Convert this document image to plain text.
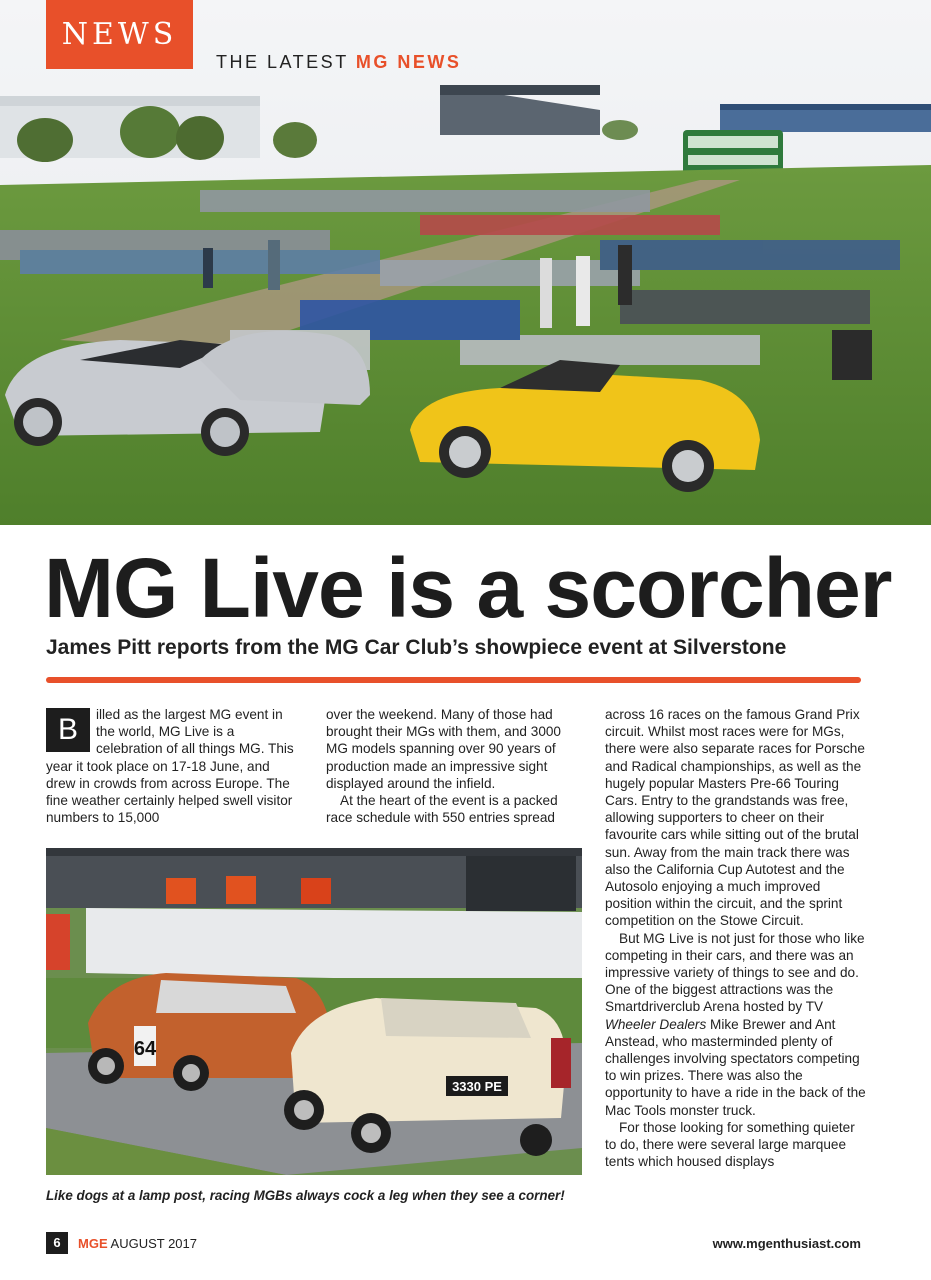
NEWS
THE LATEST MG NEWS
MG Live is a scorcher
James Pitt reports from the MG Car Club’s showpiece event at Silverstone

B	illed as the largest MG event in the world, MG Live is a celebration of all things MG. This year it took place on 17-18 June, and drew in crowds from across Europe. The fine weather certainly helped swell visitor numbers to 15,000

over the weekend. Many of those had brought their MGs with them, and 3000 MG models spanning over 90 years of production made an impressive sight displayed around the infield.

At the heart of the event is a packed race schedule with 550 entries spread

across 16 races on the famous Grand Prix circuit. Whilst most races were for MGs, there were also separate races for Porsche and Radical championships, as well as the hugely popular Masters Pre-66 Touring Cars. Entry to the grandstands was free, allowing supporters to cheer on their favourite cars while sitting out of the brutal sun. Away from the main track there was also the California Cup Autotest and the Autosolo enjoying a much improved position within the circuit, and the sprint competition on the Stowe Circuit.

But MG Live is not just for those who like competing in their cars, and there was an impressive variety of things to see and do. One of the biggest attractions was the Smartdriverclub Arena hosted by TV Wheeler Dealers Mike Brewer and Ant Anstead, who masterminded plenty of challenges involving spectators competing to win prizes. There was also the opportunity to have a ride in the back of the Mac Tools monster truck.

For those looking for something quieter to do, there were several large marquee tents which housed displays

64
3330 PE
Like dogs at a lamp post, racing MGBs always cock a leg when they see a corner!
6	MGE AUGUST 2017	www.mgenthusiast.com
